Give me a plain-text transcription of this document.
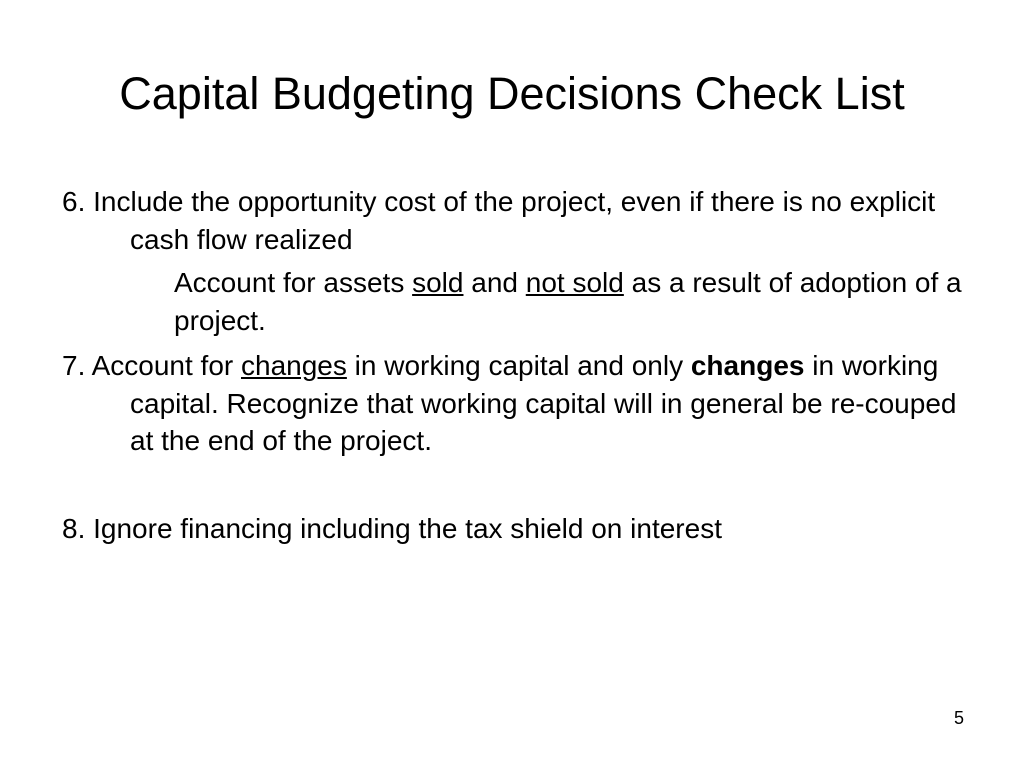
Capital Budgeting Decisions Check List

6. Include the opportunity cost of the project, even if there is no explicit cash flow realized

Account for assets sold and not sold as a result of adoption of a project.

7. Account for changes in working capital and only changes in working capital. Recognize that working capital will in general be re-couped at the end of the project.

8. Ignore financing including the tax shield on interest

5
